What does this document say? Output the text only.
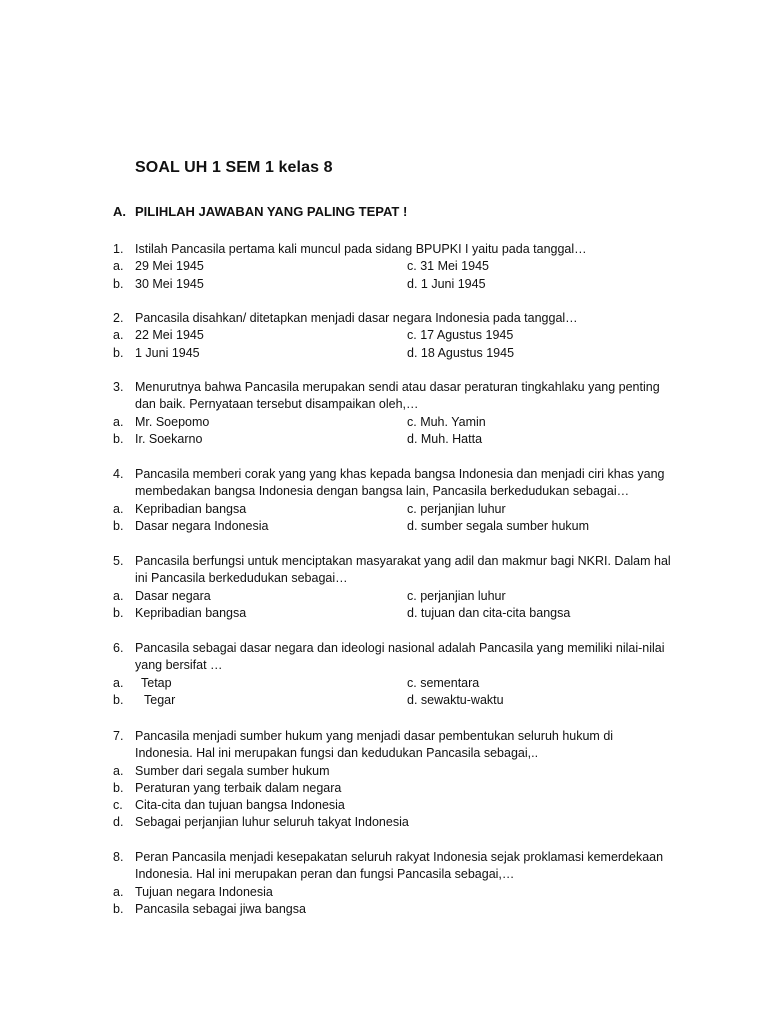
SOAL UH 1 SEM 1 kelas 8
A. PILIHLAH JAWABAN YANG PALING TEPAT !
1. Istilah Pancasila pertama kali muncul pada sidang BPUPKI I yaitu pada tanggal…
a. 29 Mei 1945	c. 31 Mei 1945
b. 30 Mei 1945	d. 1 Juni 1945
2. Pancasila disahkan/ ditetapkan menjadi dasar negara Indonesia pada tanggal…
a. 22 Mei 1945	c. 17 Agustus 1945
b. 1 Juni 1945	d. 18 Agustus 1945
3. Menurutnya bahwa Pancasila merupakan sendi atau dasar peraturan tingkahlaku yang penting
dan baik. Pernyataan tersebut disampaikan oleh,…
a. Mr. Soepomo	c. Muh. Yamin
b. Ir. Soekarno	d. Muh. Hatta
4. Pancasila memberi corak yang yang khas kepada bangsa Indonesia dan menjadi ciri khas yang
membedakan bangsa Indonesia dengan bangsa lain, Pancasila berkedudukan sebagai…
a. Kepribadian bangsa	c. perjanjian luhur
b. Dasar negara Indonesia	d. sumber segala sumber hukum
5. Pancasila berfungsi untuk menciptakan masyarakat yang adil dan makmur bagi NKRI. Dalam hal
ini Pancasila berkedudukan sebagai…
a. Dasar negara	c. perjanjian luhur
b. Kepribadian bangsa	d. tujuan dan cita-cita bangsa
6. Pancasila sebagai dasar negara dan ideologi nasional adalah Pancasila yang memiliki nilai-nilai
yang bersifat …
a. Tetap	c. sementara
b. Tegar	d. sewaktu-waktu
7. Pancasila menjadi sumber hukum yang menjadi dasar pembentukan seluruh hukum di
Indonesia. Hal ini merupakan fungsi dan kedudukan Pancasila sebagai,..
a. Sumber dari segala sumber hukum
b. Peraturan yang terbaik dalam negara
c. Cita-cita dan tujuan bangsa Indonesia
d. Sebagai perjanjian luhur seluruh takyat Indonesia
8. Peran Pancasila menjadi kesepakatan seluruh rakyat Indonesia sejak proklamasi kemerdekaan
Indonesia. Hal ini merupakan peran dan fungsi Pancasila sebagai,…
a. Tujuan negara Indonesia
b. Pancasila sebagai jiwa bangsa
